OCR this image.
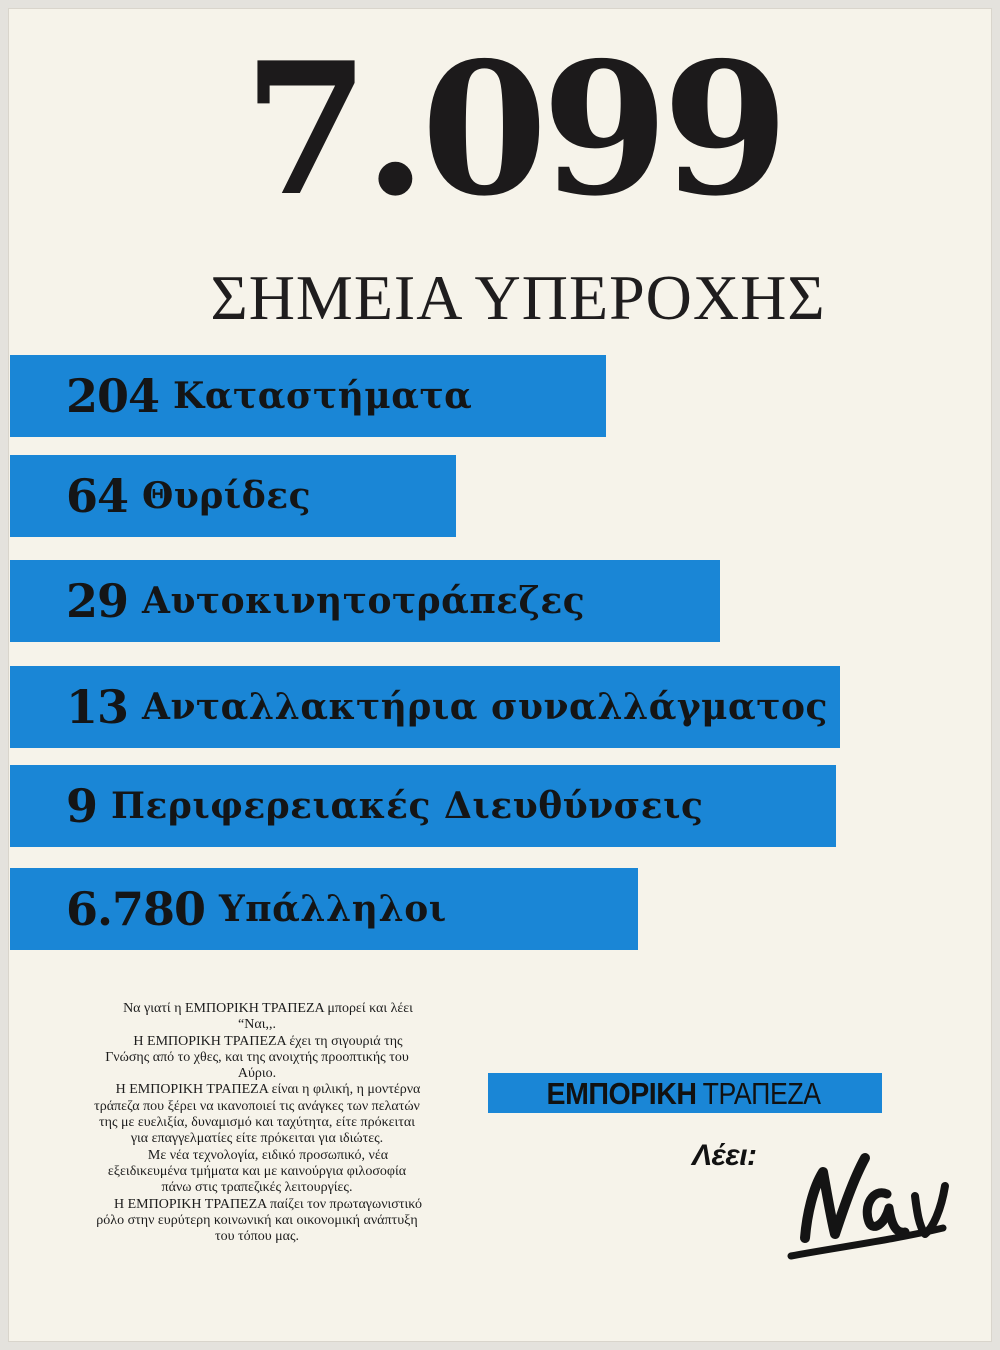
7.099
ΣΗΜΕΙΑ ΥΠΕΡΟΧΗΣ
204 Καταστήματα
64 Θυρίδες
29 Αυτοκινητοτράπεζες
13 Ανταλλακτήρια συναλλάγματος
9 Περιφερειακές Διευθύνσεις
6.780 Υπάλληλοι

Να γιατί η ΕΜΠΟΡΙΚΗ ΤΡΑΠΕΖΑ μπορεί και λέει “Ναι,,.

Η ΕΜΠΟΡΙΚΗ ΤΡΑΠΕΖΑ έχει τη σιγουριά της Γνώσης από το χθες, και της ανοιχτής προοπτικής του Αύριο.

Η ΕΜΠΟΡΙΚΗ ΤΡΑΠΕΖΑ είναι η φιλική, η μοντέρνα τράπεζα που ξέρει να ικανοποιεί τις ανάγκες των πελατών της με ευελιξία, δυναμισμό και ταχύτητα, είτε πρόκειται για επαγγελματίες είτε πρόκειται για ιδιώτες.

Με νέα τεχνολογία, ειδικό προσωπικό, νέα εξειδικευμένα τμήματα και με καινούργια φιλοσοφία πάνω στις τραπεζικές λειτουργίες.

Η ΕΜΠΟΡΙΚΗ ΤΡΑΠΕΖΑ παίζει τον πρωταγωνιστικό ρόλο στην ευρύτερη κοινωνική και οικονομική ανάπτυξη του τόπου μας.

ΕΜΠΟΡΙΚΗ ΤΡΑΠΕΖΑ
Λέει:
